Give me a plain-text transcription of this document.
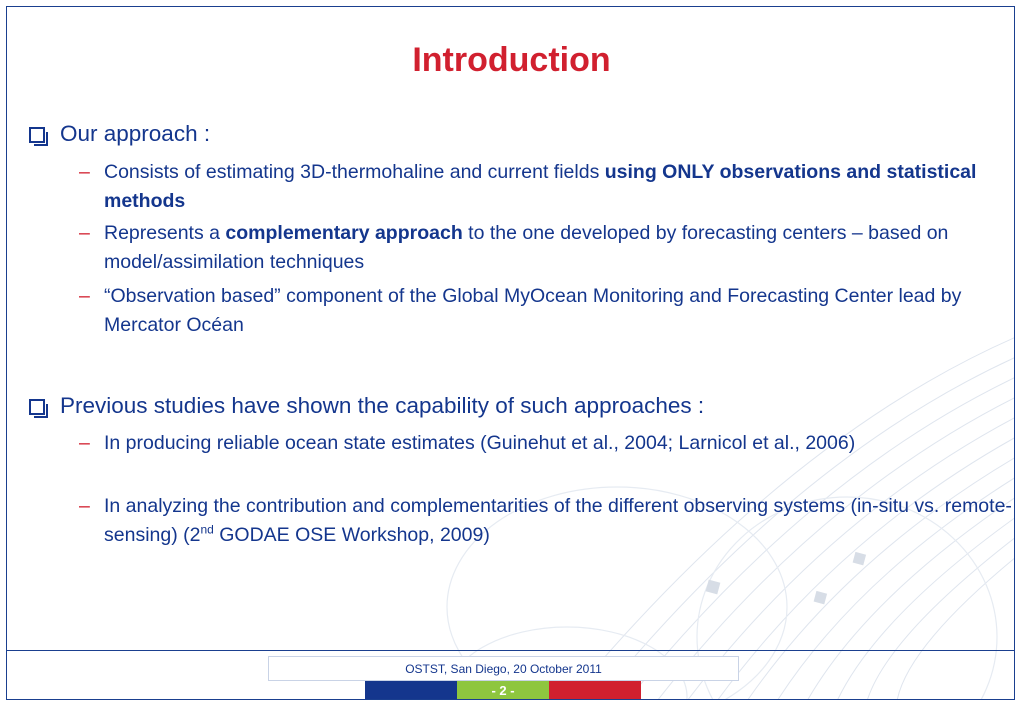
Introduction
Our approach :
– Consists of estimating 3D-thermohaline and current fields using ONLY observations and statistical methods
– Represents a complementary approach to the one developed by forecasting centers – based on model/assimilation techniques
– “Observation based” component of the Global MyOcean Monitoring and Forecasting Center lead by Mercator Océan
Previous studies have shown the capability of such approaches :
– In producing reliable ocean state estimates (Guinehut et al., 2004; Larnicol et al., 2006)
– In analyzing the contribution and complementarities of the different observing systems (in-situ vs. remote-sensing) (2nd GODAE OSE Workshop, 2009)
OSTST, San Diego, 20 October 2011
- 2 -
